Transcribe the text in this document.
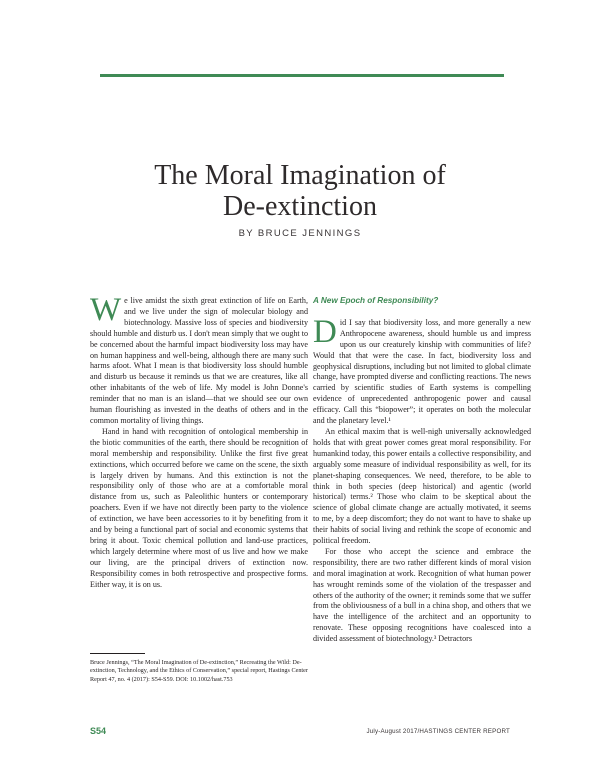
The Moral Imagination of
De-extinction
BY BRUCE JENNINGS

We live amidst the sixth great extinction of life on Earth, and we live under the sign of molecular biology and biotechnology. Massive loss of species and biodiversity should humble and disturb us. I don't mean simply that we ought to be concerned about the harmful impact biodiversity loss may have on human happiness and well-being, although there are many such harms afoot. What I mean is that biodiversity loss should humble and disturb us because it reminds us that we are creatures, like all other inhabitants of the web of life. My model is John Donne's reminder that no man is an island—that we should see our own human flourishing as invested in the deaths of others and in the common mortality of living things.

Hand in hand with recognition of ontological membership in the biotic communities of the earth, there should be recognition of moral membership and responsibility. Unlike the first five great extinctions, which occurred before we came on the scene, the sixth is largely driven by humans. And this extinction is not the responsibility only of those who are at a comfortable moral distance from us, such as Paleolithic hunters or contemporary poachers. Even if we have not directly been party to the violence of extinction, we have been accessories to it by benefiting from it and by being a functional part of social and economic systems that bring it about. Toxic chemical pollution and land-use practices, which largely determine where most of us live and how we make our living, are the principal drivers of extinction now. Responsibility comes in both retrospective and prospective forms. Either way, it is on us.

A New Epoch of Responsibility?

Did I say that biodiversity loss, and more generally a new Anthropocene awareness, should humble us and impress upon us our creaturely kinship with communities of life? Would that that were the case. In fact, biodiversity loss and geophysical disruptions, including but not limited to global climate change, have prompted diverse and conflicting reactions. The news carried by scientific studies of Earth systems is compelling evidence of unprecedented anthropogenic power and causal efficacy. Call this “biopower”; it operates on both the molecular and the planetary level.¹

An ethical maxim that is well-nigh universally acknowledged holds that with great power comes great moral responsibility. For humankind today, this power entails a collective responsibility, and arguably some measure of individual responsibility as well, for its planet-shaping consequences. We need, therefore, to be able to think in both species (deep historical) and agentic (world historical) terms.² Those who claim to be skeptical about the science of global climate change are actually motivated, it seems to me, by a deep discomfort; they do not want to have to shake up their habits of social living and rethink the scope of economic and political freedom.

For those who accept the science and embrace the responsibility, there are two rather different kinds of moral vision and moral imagination at work. Recognition of what human power has wrought reminds some of the violation of the trespasser and others of the authority of the owner; it reminds some that we suffer from the obliviousness of a bull in a china shop, and others that we have the intelligence of the architect and an opportunity to renovate. These opposing recognitions have coalesced into a divided assessment of biotechnology.³ Detractors

Bruce Jennings, “The Moral Imagination of De-extinction,” Recreating the Wild: De-extinction, Technology, and the Ethics of Conservation,” special report, Hastings Center Report 47, no. 4 (2017): S54-S59. DOI: 10.1002/hast.753
S54	July-August 2017/HASTINGS CENTER REPORT
